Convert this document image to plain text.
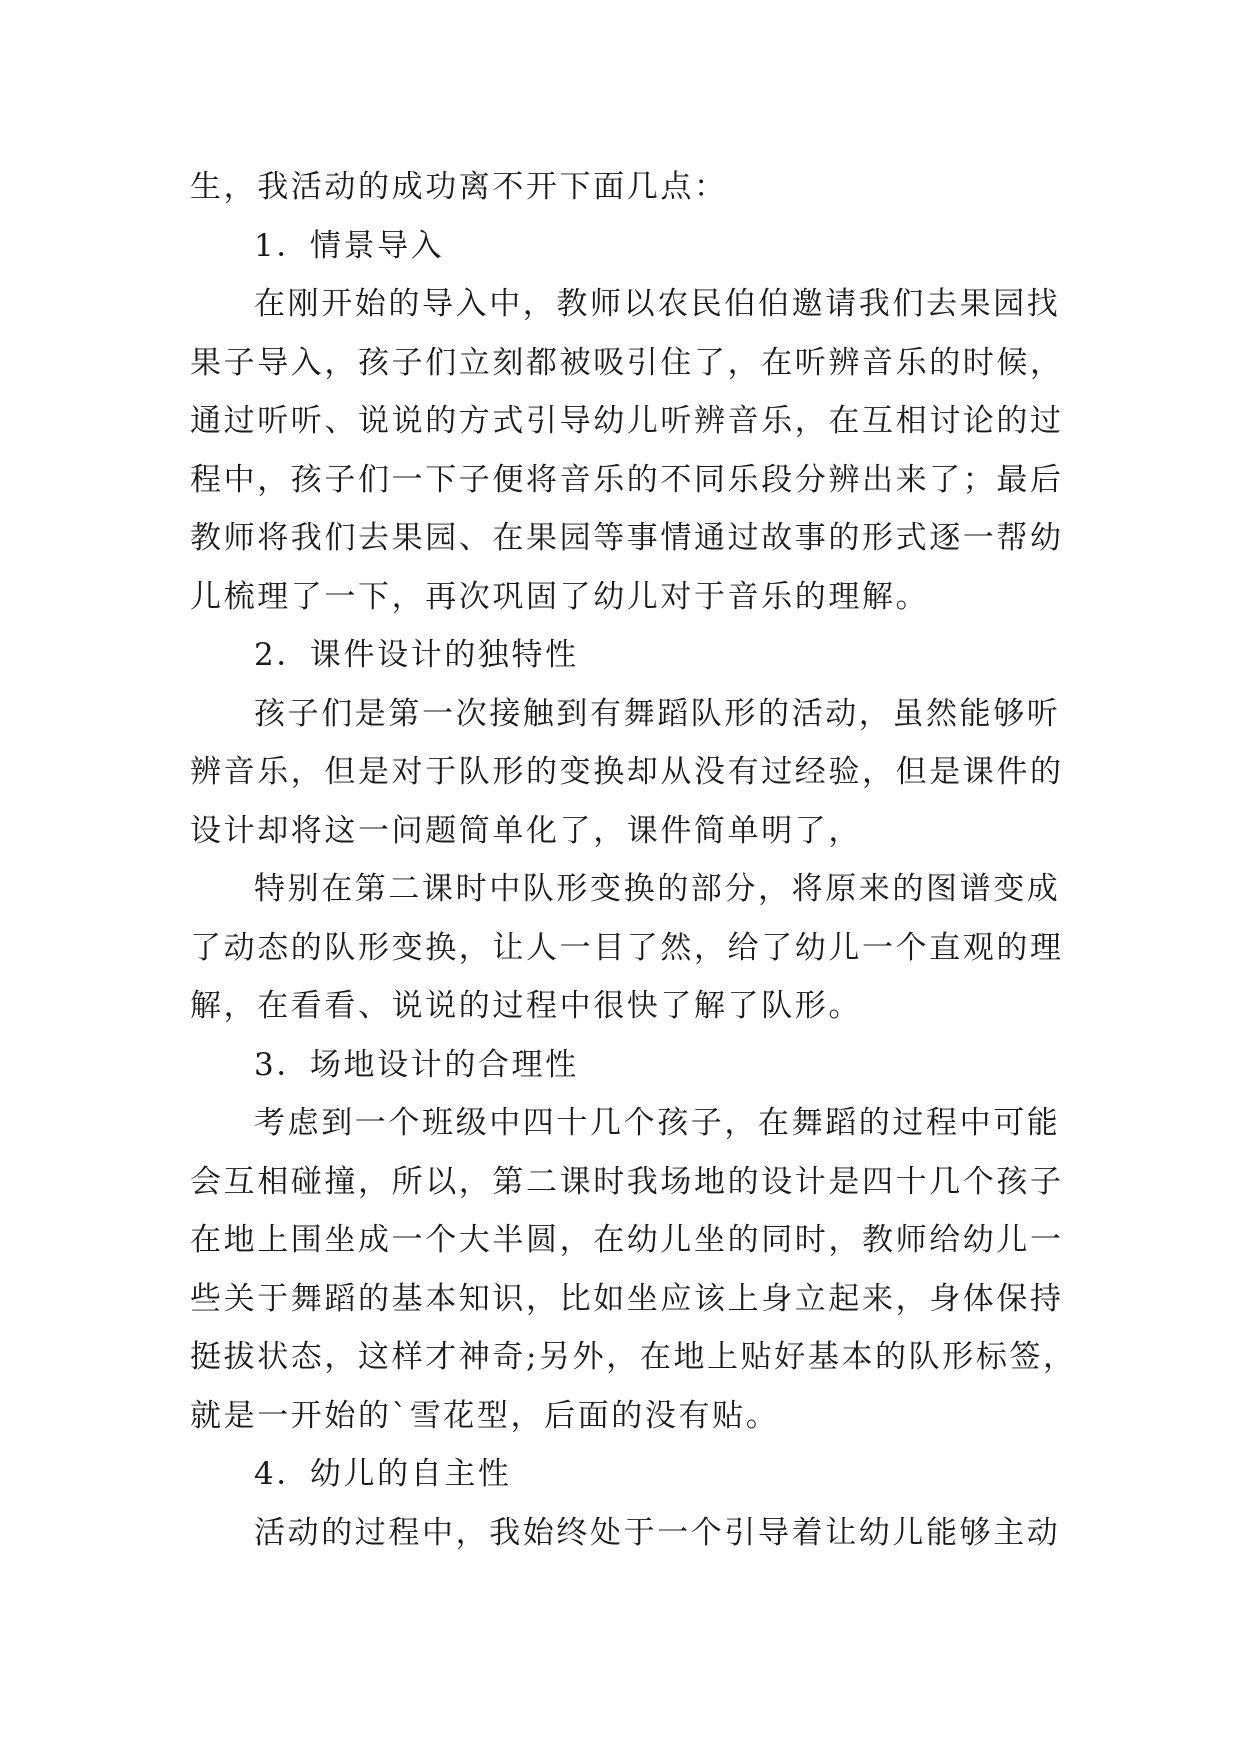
生，我活动的成功离不开下面几点：
1．情景导入
在刚开始的导入中，教师以农民伯伯邀请我们去果园找
果子导入，孩子们立刻都被吸引住了，在听辨音乐的时候，
通过听听、说说的方式引导幼儿听辨音乐，在互相讨论的过
程中，孩子们一下子便将音乐的不同乐段分辨出来了；最后
教师将我们去果园、在果园等事情通过故事的形式逐一帮幼
儿梳理了一下，再次巩固了幼儿对于音乐的理解。
2．课件设计的独特性
孩子们是第一次接触到有舞蹈队形的活动，虽然能够听
辨音乐，但是对于队形的变换却从没有过经验，但是课件的
设计却将这一问题简单化了，课件简单明了，
特别在第二课时中队形变换的部分，将原来的图谱变成
了动态的队形变换，让人一目了然，给了幼儿一个直观的理
解，在看看、说说的过程中很快了解了队形。
3．场地设计的合理性
考虑到一个班级中四十几个孩子，在舞蹈的过程中可能
会互相碰撞，所以，第二课时我场地的设计是四十几个孩子
在地上围坐成一个大半圆，在幼儿坐的同时，教师给幼儿一
些关于舞蹈的基本知识，比如坐应该上身立起来，身体保持
挺拔状态，这样才神奇;另外，在地上贴好基本的队形标签，
就是一开始的`雪花型，后面的没有贴。
4．幼儿的自主性
活动的过程中，我始终处于一个引导着让幼儿能够主动
